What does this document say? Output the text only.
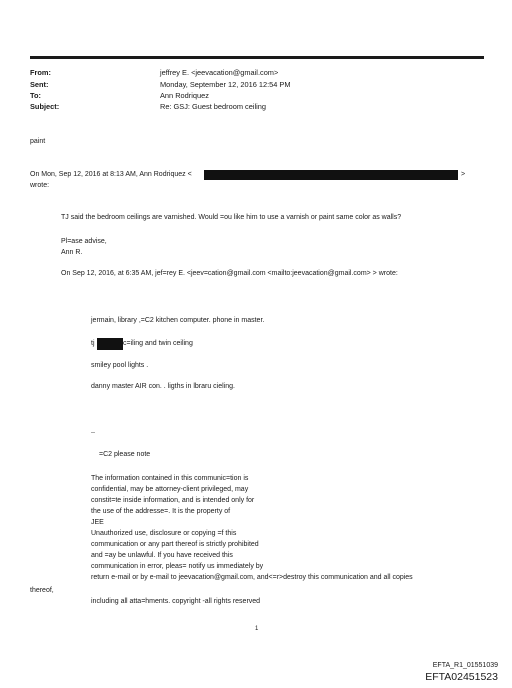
From:	jeffrey E. <jeevacation@gmail.com>
Sent:	Monday, September 12, 2016 12:54 PM
To:	Ann Rodriquez
Subject:	Re: GSJ: Guest bedroom ceiling
paint
On Mon, Sep 12, 2016 at 8:13 AM, Ann Rodriquez <	>
wrote:
TJ said the bedroom ceilings are varnished. Would =ou like him to use a varnish or paint same color as walls?
Pl=ase advise,
Ann R.
On Sep 12, 2016, at 6:35 AM, jef=rey E. <jeev=cation@gmail.com <mailto:jeevacation@gmail.com> > wrote:
jermain, library ,=C2 kitchen computer. phone in master.
tj	c=iling and twin ceiling
smiley pool lights .
danny master AIR con. . ligths in lbraru cieling.
--
=C2 please note
The information contained in this communic=tion is
confidential, may be attorney-client privileged, may
constit=te inside information, and is intended only for
the use of the addresse=. It is the property of
JEE
Unauthorized use, disclosure or copying =f this
communication or any part thereof is strictly prohibited
and =ay be unlawful. If you have received this
communication in error, pleas= notify us immediately by
return e-mail or by e-mail to jeevacation@gmail.com, and<=r>destroy this communication and all copies
thereof,
including all atta=hments. copyright -all rights reserved
1
EFTA_R1_01551039
EFTA02451523
